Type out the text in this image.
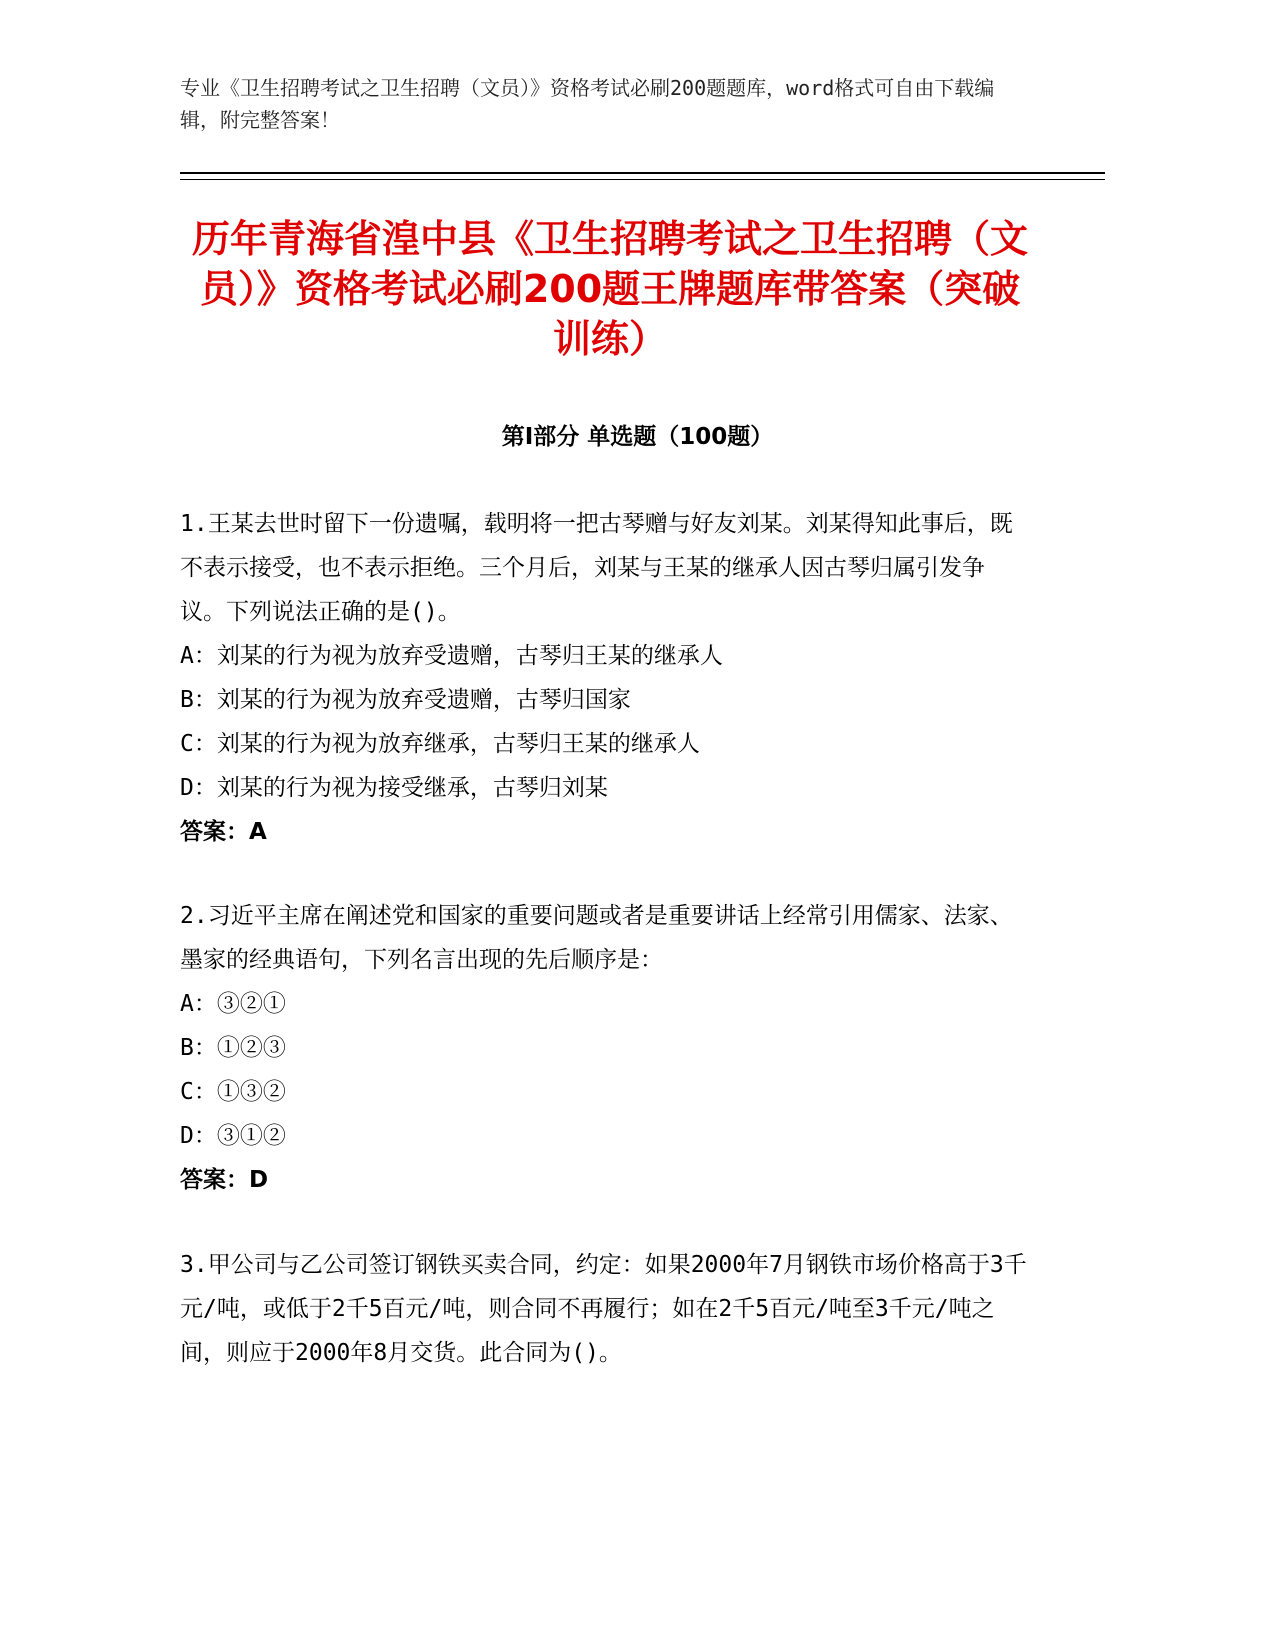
专业《卫生招聘考试之卫生招聘（文员）》资格考试必刷200题题库，word格式可自由下载编辑，附完整答案！
历年青海省湟中县《卫生招聘考试之卫生招聘（文员）》资格考试必刷200题王牌题库带答案（突破训练）
第Ⅰ部分 单选题（100题）

1.王某去世时留下一份遗嘱，载明将一把古琴赠与好友刘某。刘某得知此事后，既不表示接受，也不表示拒绝。三个月后，刘某与王某的继承人因古琴归属引发争议。下列说法正确的是()。

A：刘某的行为视为放弃受遗赠，古琴归王某的继承人

B：刘某的行为视为放弃受遗赠，古琴归国家

C：刘某的行为视为放弃继承，古琴归王某的继承人

D：刘某的行为视为接受继承，古琴归刘某

答案：A

2.习近平主席在阐述党和国家的重要问题或者是重要讲话上经常引用儒家、法家、墨家的经典语句，下列名言出现的先后顺序是：

A：③②①

B：①②③

C：①③②

D：③①②

答案：D

3.甲公司与乙公司签订钢铁买卖合同，约定：如果2000年7月钢铁市场价格高于3千元/吨，或低于2千5百元/吨，则合同不再履行；如在2千5百元/吨至3千元/吨之间，则应于2000年8月交货。此合同为()。
